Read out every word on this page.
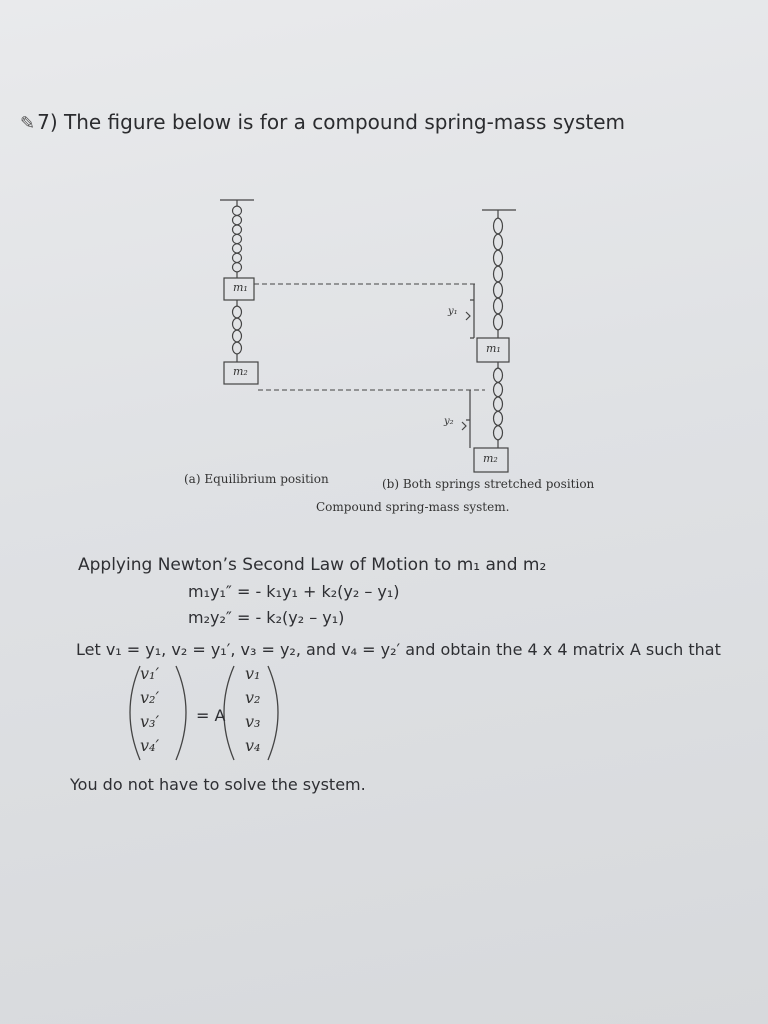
✎ 7) The figure below is for a compound spring-mass system
m₁
m₂
m₁
m₂
y₁
y₂
(a) Equilibrium position	(b) Both springs stretched position
Compound spring-mass system.
Applying Newton’s Second Law of Motion to m₁ and m₂
m₁y₁″ = - k₁y₁ + k₂(y₂ – y₁)
m₂y₂″ = - k₂(y₂ – y₁)
Let v₁ = y₁, v₂ = y₁′, v₃ = y₂, and v₄ = y₂′ and obtain the 4 x 4 matrix A such that
v₁′
v₂′
v₃′
v₄′
= A
v₁
v₂
v₃
v₄
You do not have to solve the system.
